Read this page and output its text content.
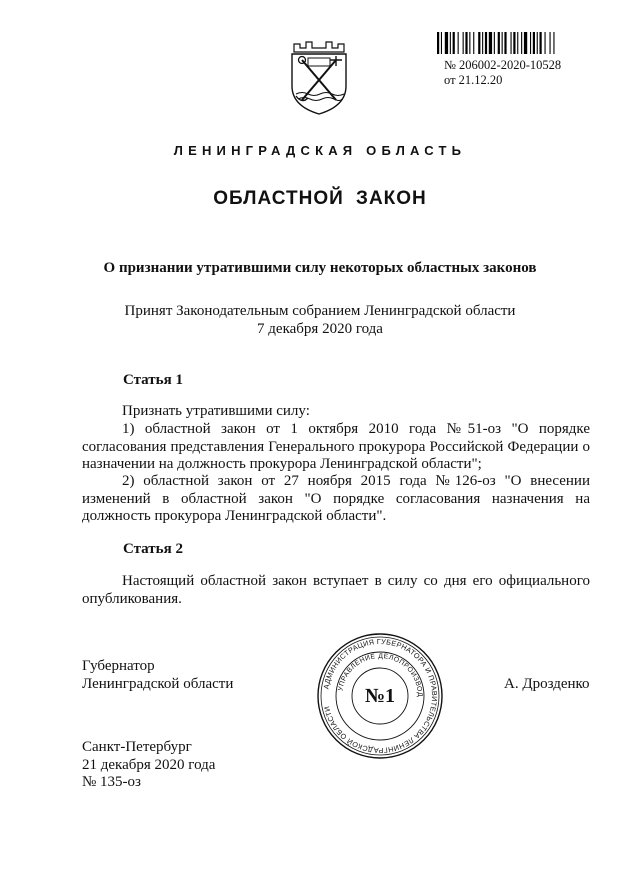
№ 206002-2020-10528
от 21.12.20
ЛЕНИНГРАДСКАЯ ОБЛАСТЬ
ОБЛАСТНОЙ ЗАКОН
О признании утратившими силу некоторых областных законов
Принят Законодательным собранием Ленинградской области
7 декабря 2020 года
Статья 1
Признать утратившими силу:
1) областной закон от 1 октября 2010 года №51-оз "О порядке согласования представления Генерального прокурора Российской Федерации о назначении на должность прокурора Ленинградской области";
2) областной закон от 27 ноября 2015 года №126-оз "О внесении изменений в областной закон "О порядке согласования назначения на должность прокурора Ленинградской области".
Статья 2
Настоящий областной закон вступает в силу со дня его официального опубликования.
Губернатор
Ленинградской области	А. Дрозденко
АДМИНИСТРАЦИЯ ГУБЕРНАТОРА И ПРАВИТЕЛЬСТВА ЛЕНИНГРАДСКОЙ ОБЛАСТИ
УПРАВЛЕНИЕ ДЕЛОПРОИЗВОД
№1
Санкт-Петербург
21 декабря 2020 года
№ 135-оз
